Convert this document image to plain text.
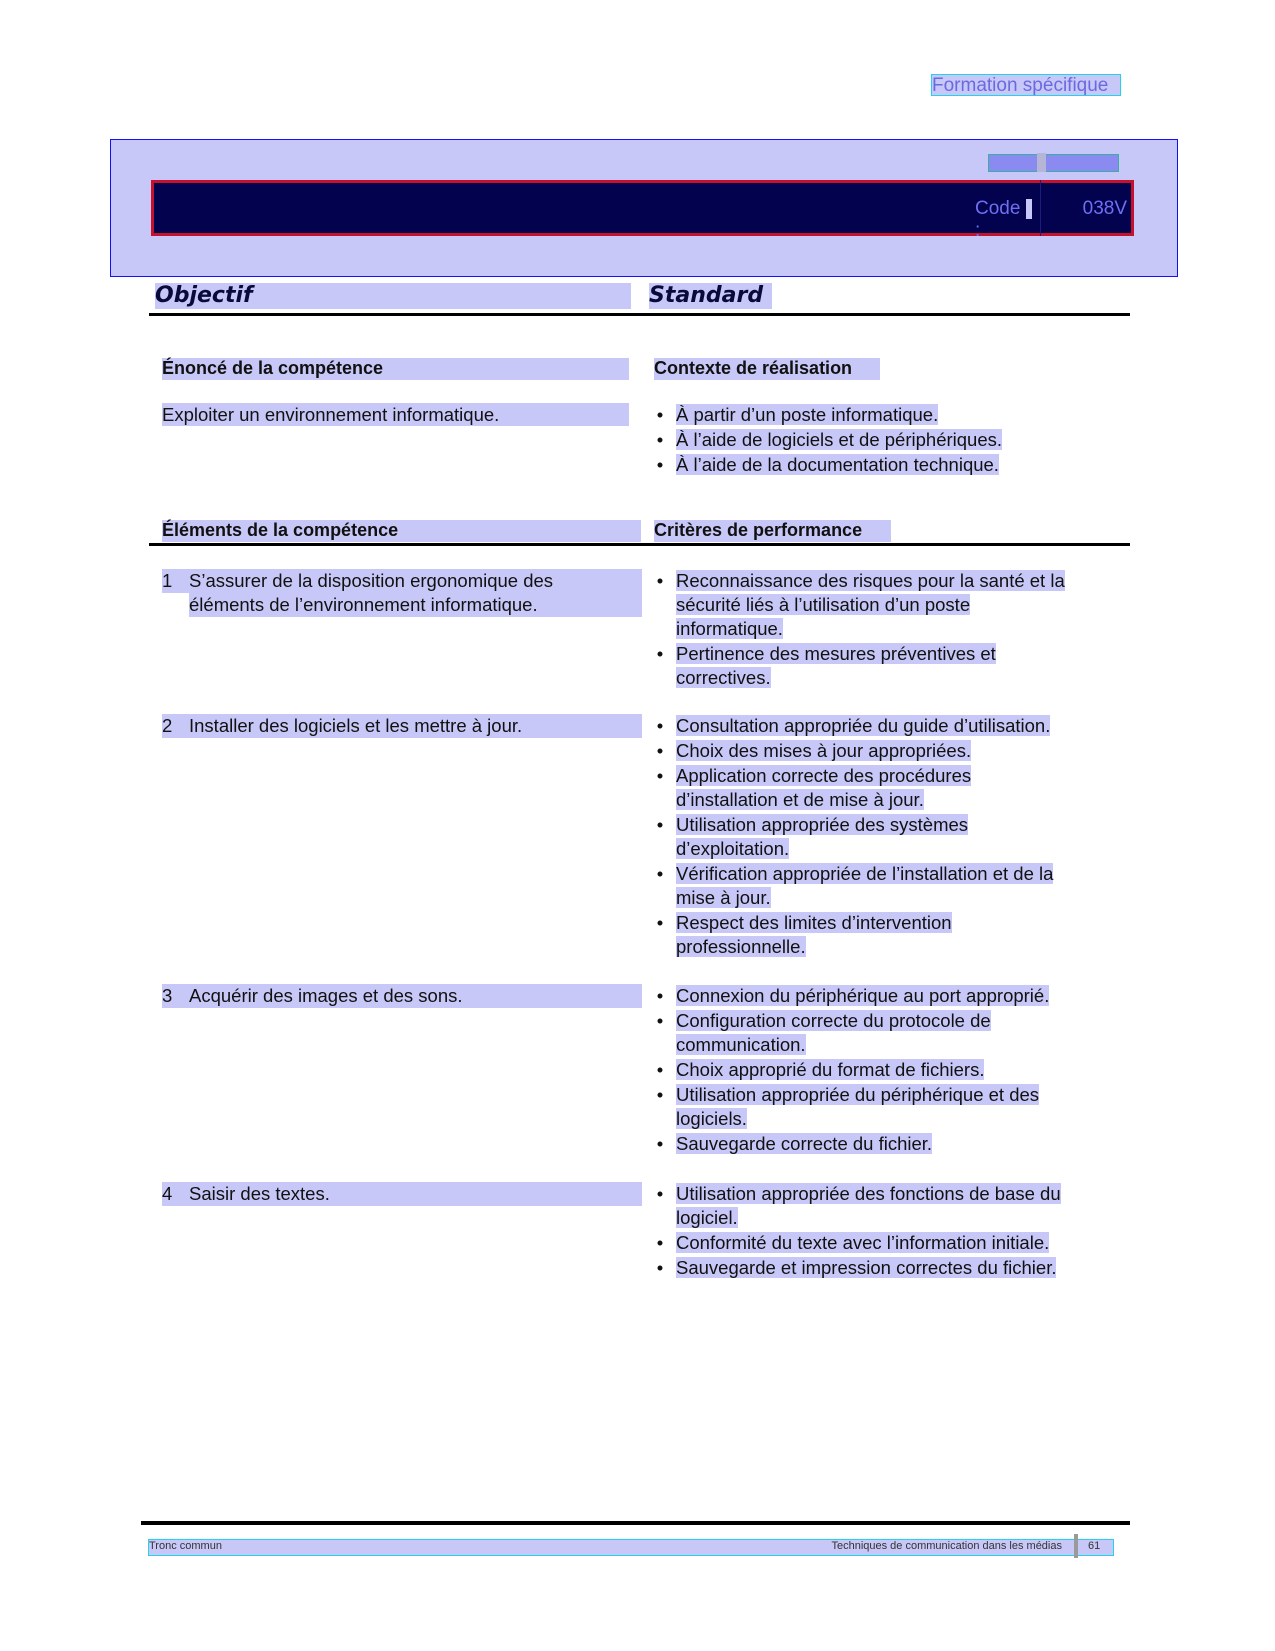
Formation spécifique
Code :
038V
Objectif	Standard
Énoncé de la compétence	Contexte de réalisation
Exploiter un environnement informatique.	• À partir d’un poste informatique.
• À l’aide de logiciels et de périphériques.
• À l’aide de la documentation technique.
Éléments de la compétence	Critères de performance
1 S’assurer de la disposition ergonomique des
éléments de l’environnement informatique.
• Reconnaissance des risques pour la santé et la
sécurité liés à l’utilisation d’un poste
informatique.
• Pertinence des mesures préventives et
correctives.
2 Installer des logiciels et les mettre à jour.	• Consultation appropriée du guide d’utilisation.
• Choix des mises à jour appropriées.
• Application correcte des procédures
d’installation et de mise à jour.
• Utilisation appropriée des systèmes
d’exploitation.
• Vérification appropriée de l’installation et de la
mise à jour.
• Respect des limites d’intervention
professionnelle.
3 Acquérir des images et des sons.	• Connexion du périphérique au port approprié.
• Configuration correcte du protocole de
communication.
• Choix approprié du format de fichiers.
• Utilisation appropriée du périphérique et des
logiciels.
• Sauvegarde correcte du fichier.
4 Saisir des textes.	• Utilisation appropriée des fonctions de base du
logiciel.
• Conformité du texte avec l’information initiale.
• Sauvegarde et impression correctes du fichier.
Tronc commun	Techniques de communication dans les médias 61
